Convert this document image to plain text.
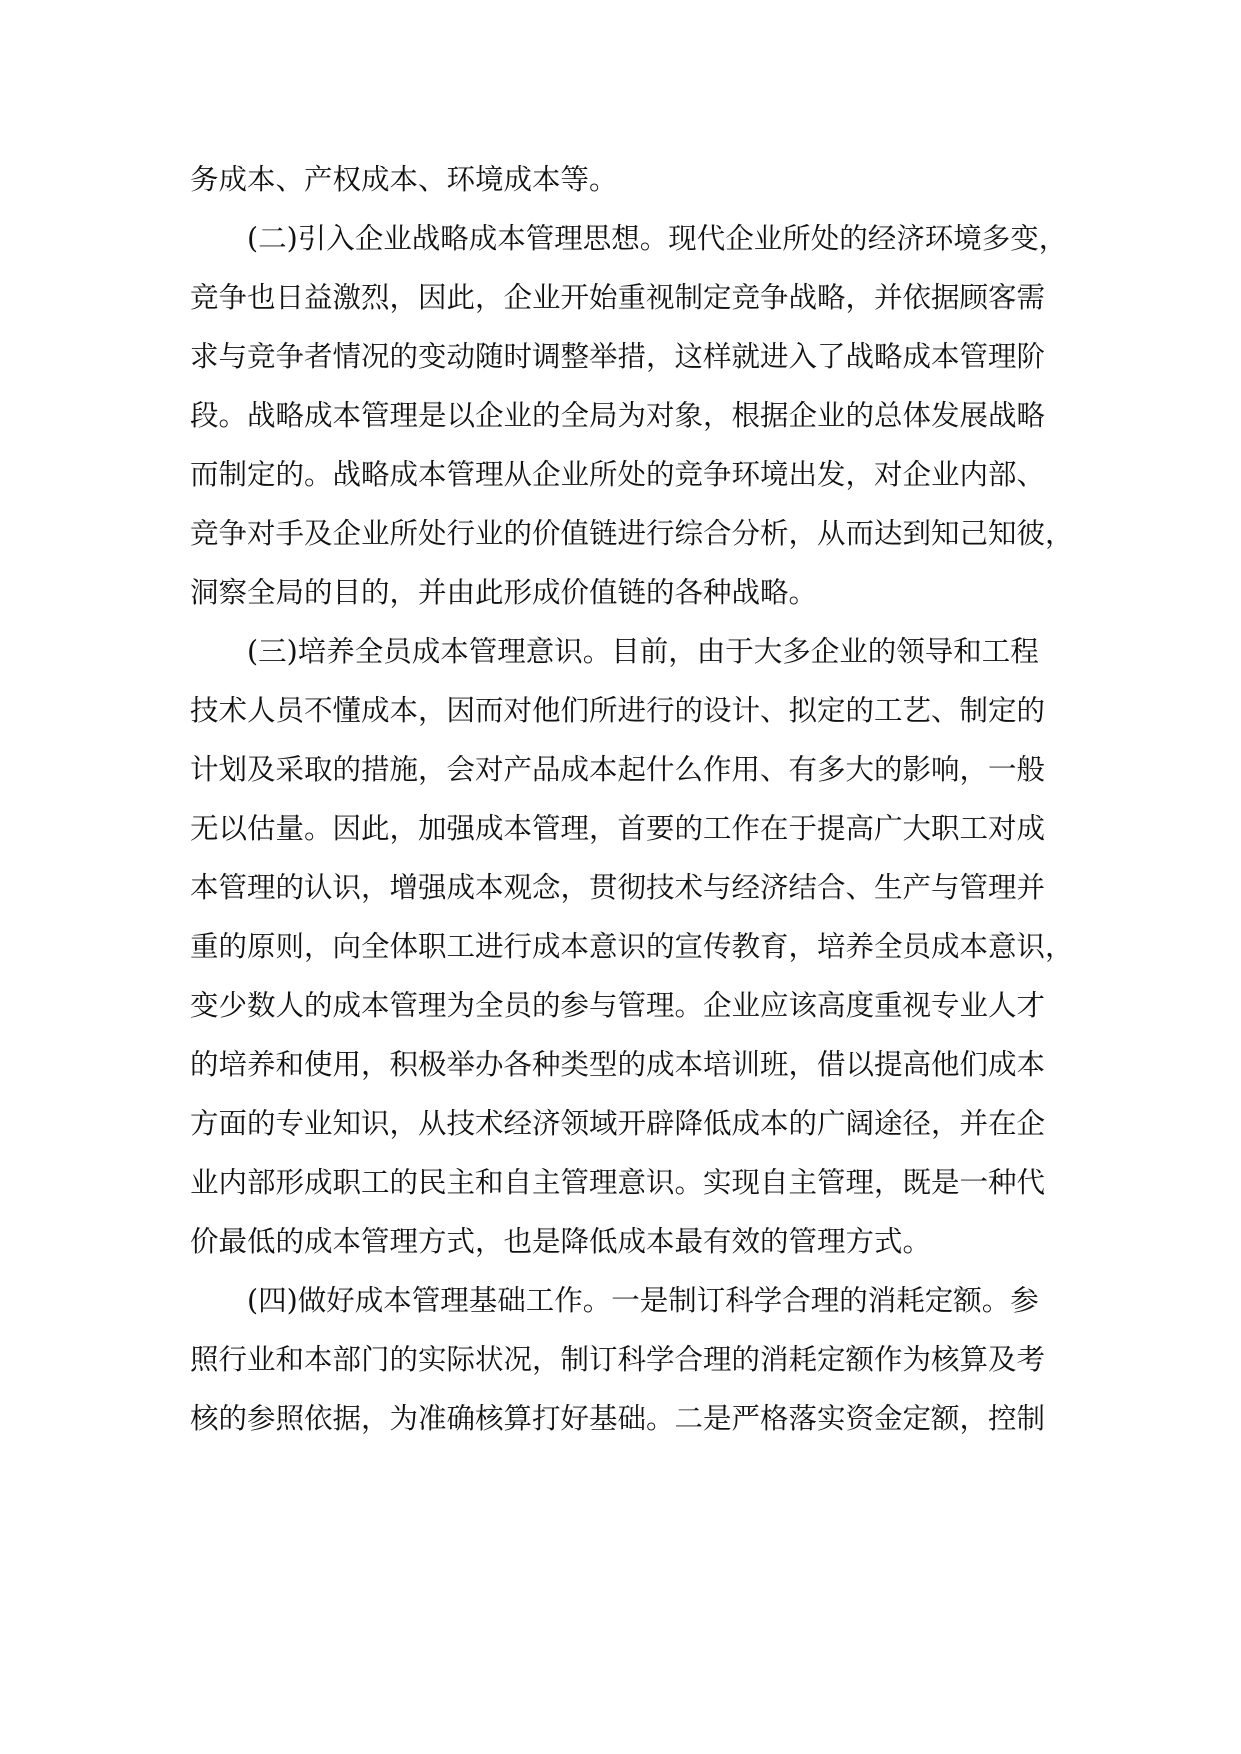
务成本、产权成本、环境成本等。

(二)引入企业战略成本管理思想。现代企业所处的经济环境多变，

竞争也日益激烈，因此，企业开始重视制定竞争战略，并依据顾客需

求与竞争者情况的变动随时调整举措，这样就进入了战略成本管理阶

段。战略成本管理是以企业的全局为对象，根据企业的总体发展战略

而制定的。战略成本管理从企业所处的竞争环境出发，对企业内部、

竞争对手及企业所处行业的价值链进行综合分析，从而达到知己知彼，

洞察全局的目的，并由此形成价值链的各种战略。

(三)培养全员成本管理意识。目前，由于大多企业的领导和工程

技术人员不懂成本，因而对他们所进行的设计、拟定的工艺、制定的

计划及采取的措施，会对产品成本起什么作用、有多大的影响，一般

无以估量。因此，加强成本管理，首要的工作在于提高广大职工对成

本管理的认识，增强成本观念，贯彻技术与经济结合、生产与管理并

重的原则，向全体职工进行成本意识的宣传教育，培养全员成本意识，

变少数人的成本管理为全员的参与管理。企业应该高度重视专业人才

的培养和使用，积极举办各种类型的成本培训班，借以提高他们成本

方面的专业知识，从技术经济领域开辟降低成本的广阔途径，并在企

业内部形成职工的民主和自主管理意识。实现自主管理，既是一种代

价最低的成本管理方式，也是降低成本最有效的管理方式。

(四)做好成本管理基础工作。一是制订科学合理的消耗定额。参

照行业和本部门的实际状况，制订科学合理的消耗定额作为核算及考

核的参照依据，为准确核算打好基础。二是严格落实资金定额，控制
